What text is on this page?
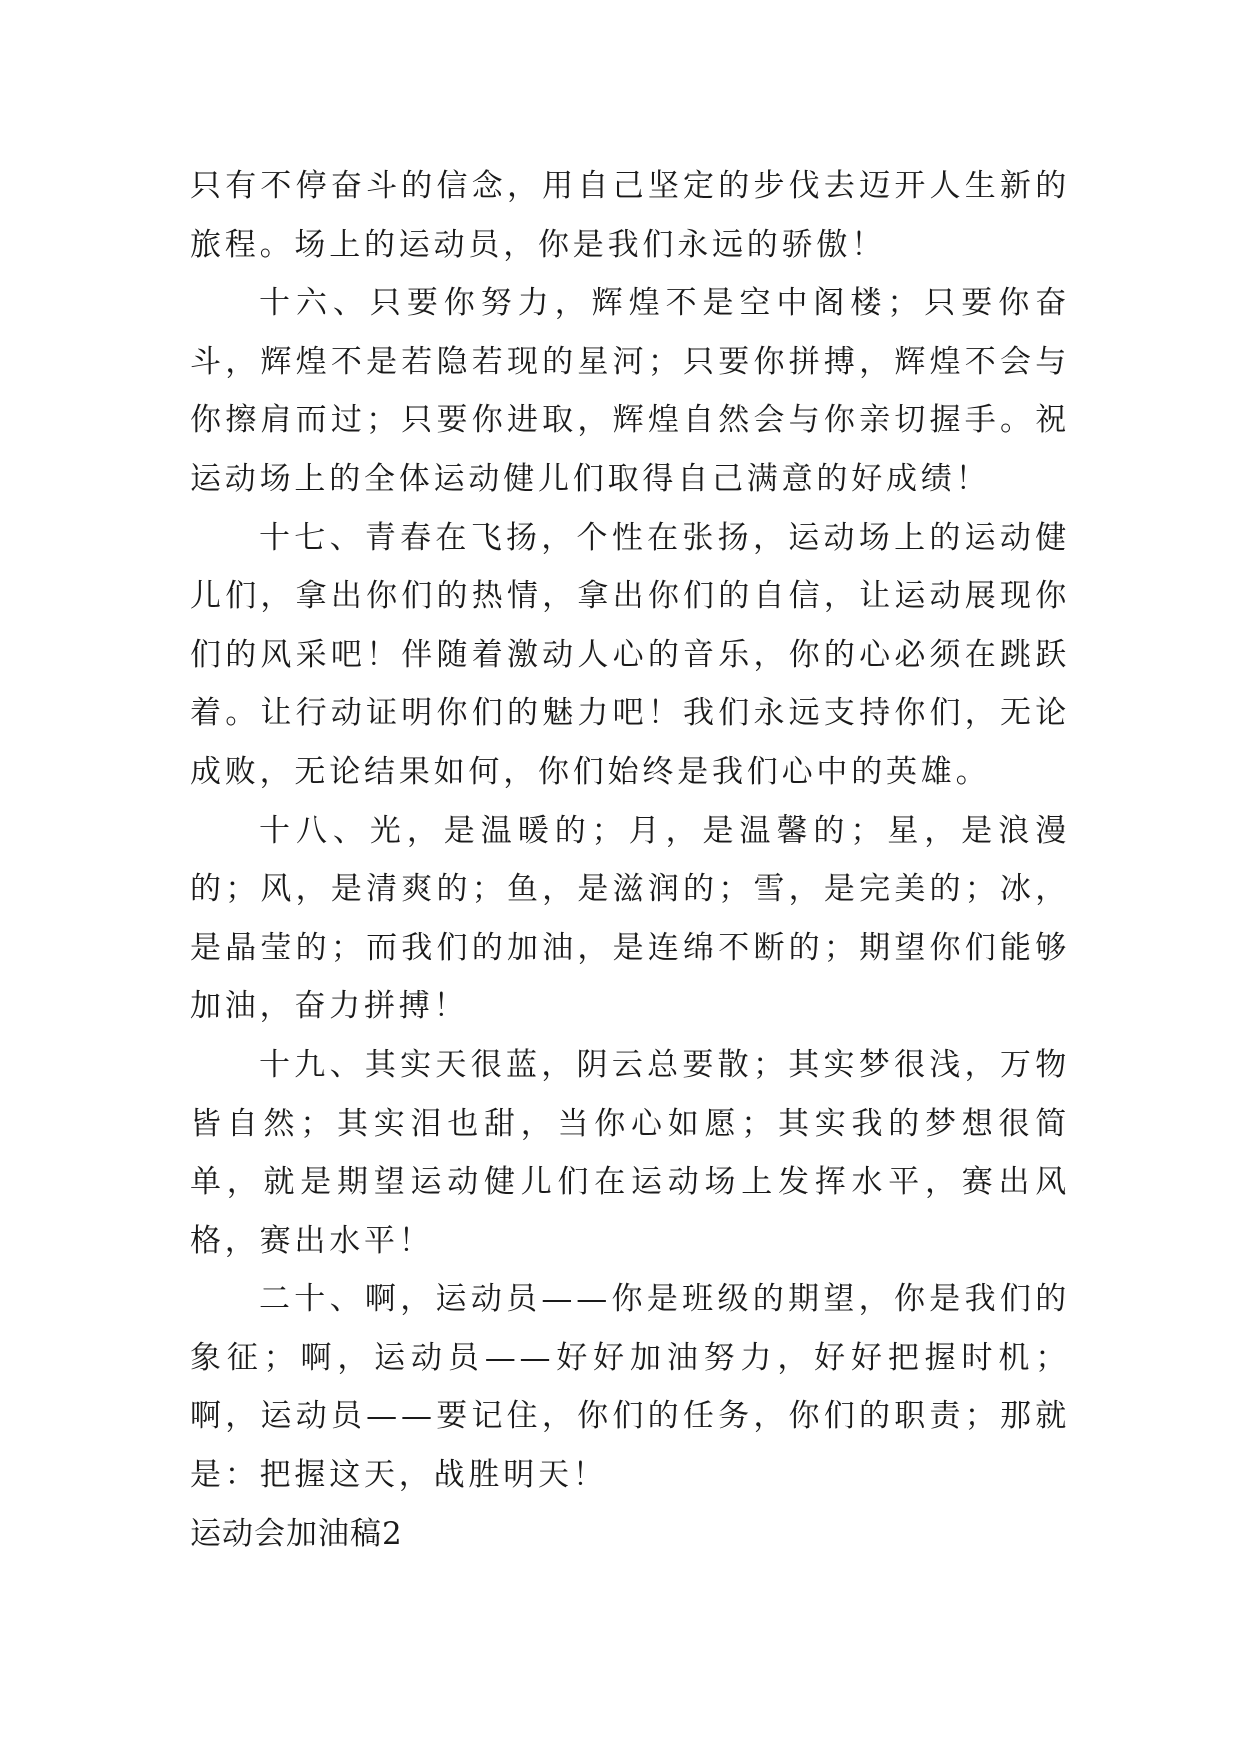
只有不停奋斗的信念，用自己坚定的步伐去迈开人生新的旅程。场上的运动员，你是我们永远的骄傲！

十六、只要你努力，辉煌不是空中阁楼；只要你奋斗，辉煌不是若隐若现的星河；只要你拼搏，辉煌不会与你擦肩而过；只要你进取，辉煌自然会与你亲切握手。祝运动场上的全体运动健儿们取得自己满意的好成绩！

十七、青春在飞扬，个性在张扬，运动场上的运动健儿们，拿出你们的热情，拿出你们的自信，让运动展现你们的风采吧！伴随着激动人心的音乐，你的心必须在跳跃着。让行动证明你们的魅力吧！我们永远支持你们，无论成败，无论结果如何，你们始终是我们心中的英雄。

十八、光，是温暖的；月，是温馨的；星，是浪漫的；风，是清爽的；鱼，是滋润的；雪，是完美的；冰，是晶莹的；而我们的加油，是连绵不断的；期望你们能够加油，奋力拼搏！

十九、其实天很蓝，阴云总要散；其实梦很浅，万物皆自然；其实泪也甜，当你心如愿；其实我的梦想很简单，就是期望运动健儿们在运动场上发挥水平，赛出风格，赛出水平！

二十、啊，运动员——你是班级的期望，你是我们的象征；啊，运动员——好好加油努力，好好把握时机；啊，运动员——要记住，你们的任务，你们的职责；那就是：把握这天，战胜明天！

运动会加油稿2
